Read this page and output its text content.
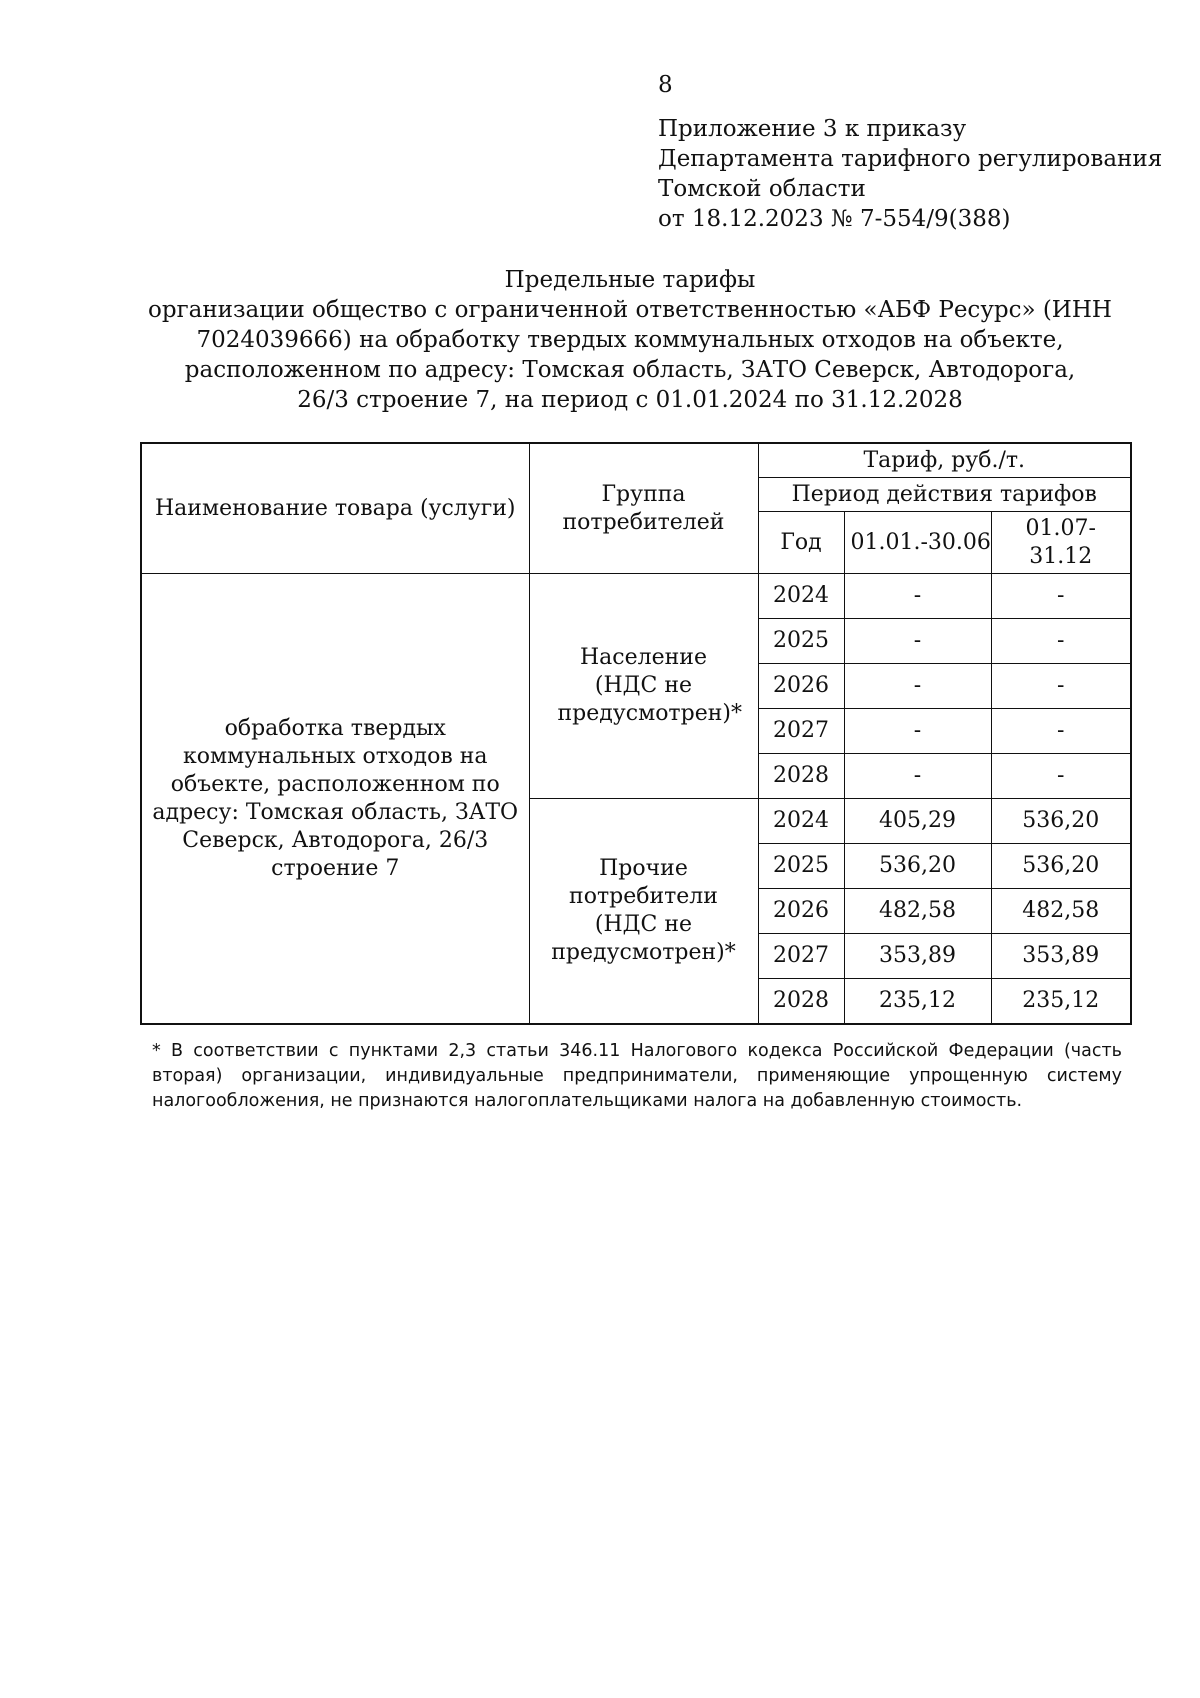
8
Приложение 3 к приказу
Департамента тарифного регулирования
Томской области
от 18.12.2023 № 7-554/9(388)
Предельные тарифы
организации общество с ограниченной ответственностью «АБФ Ресурс» (ИНН
7024039666) на обработку твердых коммунальных отходов на объекте,
расположенном по адресу: Томская область, ЗАТО Северск, Автодорога,
26/3 строение 7, на период с 01.01.2024 по 31.12.2028
Наименование товара (услуги)	Группа потребителей	Тариф, руб./т.		
		Период действия тарифов		
		Год	01.01.-30.06	01.07-31.12
обработка твердых коммунальных отходов на объекте, расположенном по адресу: Томская область, ЗАТО Северск, Автодорога, 26/3 строение 7	Население (НДС не предусмотрен)*	2024	-	-
		2025	-	-
		2026	-	-
		2027	-	-
		2028	-	-
	Прочие потребители (НДС не предусмотрен)*	2024	405,29	536,20
		2025	536,20	536,20
		2026	482,58	482,58
		2027	353,89	353,89
		2028	235,12	235,12
* В соответствии с пунктами 2,3 статьи 346.11 Налогового кодекса Российской Федерации (часть вторая) организации, индивидуальные предприниматели, применяющие упрощенную систему налогообложения, не признаются налогоплательщиками налога на добавленную стоимость.
